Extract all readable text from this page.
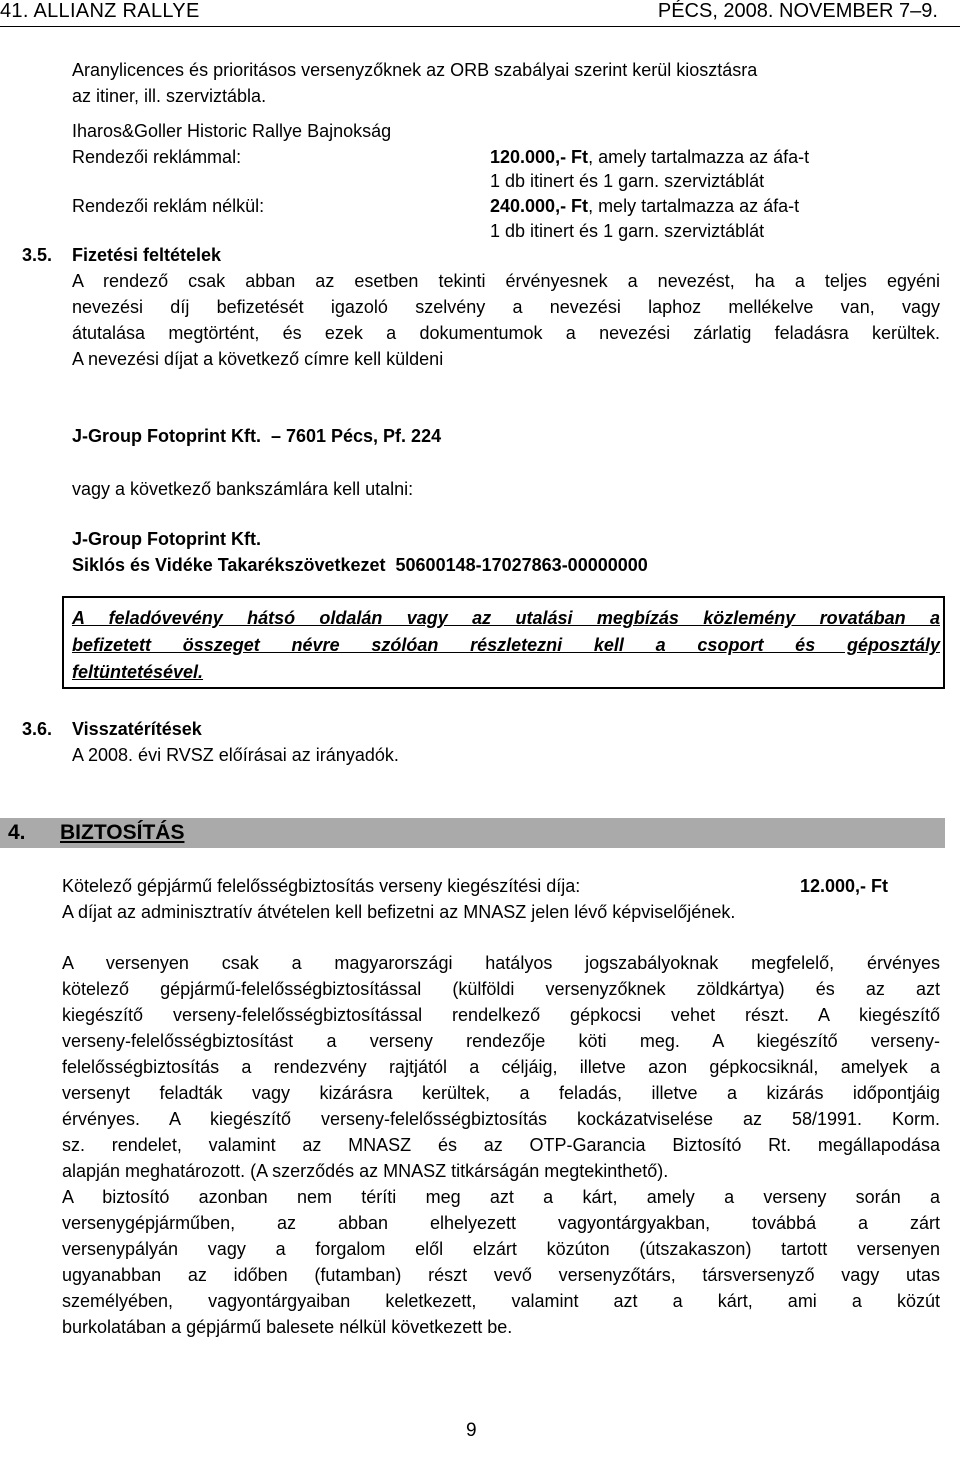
41. ALLIANZ RALLYE	PÉCS, 2008. NOVEMBER 7–9.
Aranylicences és prioritásos versenyzőknek az ORB szabályai szerint kerül kiosztásra
az itiner, ill. szerviztábla.
Iharos&Goller Historic Rallye Bajnokság
Rendezői reklámmal:	120.000,- Ft, amely tartalmazza az áfa-t
1 db itinert és 1 garn. szerviztáblát
Rendezői reklám nélkül:	240.000,- Ft, mely tartalmazza az áfa-t
1 db itinert és 1 garn. szerviztáblát
3.5. Fizetési feltételek
A rendező csak abban az esetben tekinti érvényesnek a nevezést, ha a teljes egyéni
nevezési díj befizetését igazoló szelvény a nevezési laphoz mellékelve van, vagy
átutalása megtörtént, és ezek a dokumentumok a nevezési zárlatig feladásra kerültek.
A nevezési díjat a következő címre kell küldeni
J-Group Fotoprint Kft.  – 7601 Pécs, Pf. 224
vagy a következő bankszámlára kell utalni:
J-Group Fotoprint Kft.
Siklós és Vidéke Takarékszövetkezet  50600148-17027863-00000000
A feladóvevény hátsó oldalán vagy az utalási megbízás közlemény rovatában a
befizetett összeget névre szólóan részletezni kell a csoport és géposztály
feltüntetésével.
3.6. Visszatérítések
A 2008. évi RVSZ előírásai az irányadók.
4. BIZTOSÍTÁS
Kötelező gépjármű felelősségbiztosítás verseny kiegészítési díja:	12.000,- Ft
A díjat az adminisztratív átvételen kell befizetni az MNASZ jelen lévő képviselőjének.
A versenyen csak a magyarországi hatályos jogszabályoknak megfelelő, érvényes
kötelező gépjármű-felelősségbiztosítással (külföldi versenyzőknek zöldkártya) és az azt
kiegészítő verseny-felelősségbiztosítással rendelkező gépkocsi vehet részt. A kiegészítő
verseny-felelősségbiztosítást a verseny rendezője köti meg. A kiegészítő verseny-
felelősségbiztosítás a rendezvény rajtjától a céljáig, illetve azon gépkocsiknál, amelyek a
versenyt feladták vagy kizárásra kerültek, a feladás, illetve a kizárás időpontjáig
érvényes. A kiegészítő verseny-felelősségbiztosítás kockázatviselése az 58/1991. Korm.
sz. rendelet, valamint az MNASZ és az OTP-Garancia Biztosító Rt. megállapodása
alapján meghatározott. (A szerződés az MNASZ titkárságán megtekinthető).
A biztosító azonban nem téríti meg azt a kárt, amely a verseny során a
versenygépjárműben, az abban elhelyezett vagyontárgyakban, továbbá a zárt
versenypályán vagy a forgalom elől elzárt közúton (útszakaszon) tartott versenyen
ugyanabban az időben (futamban) részt vevő versenyzőtárs, társversenyző vagy utas
személyében, vagyontárgyaiban keletkezett, valamint azt a kárt, ami a közút
burkolatában a gépjármű balesete nélkül következett be.
9
